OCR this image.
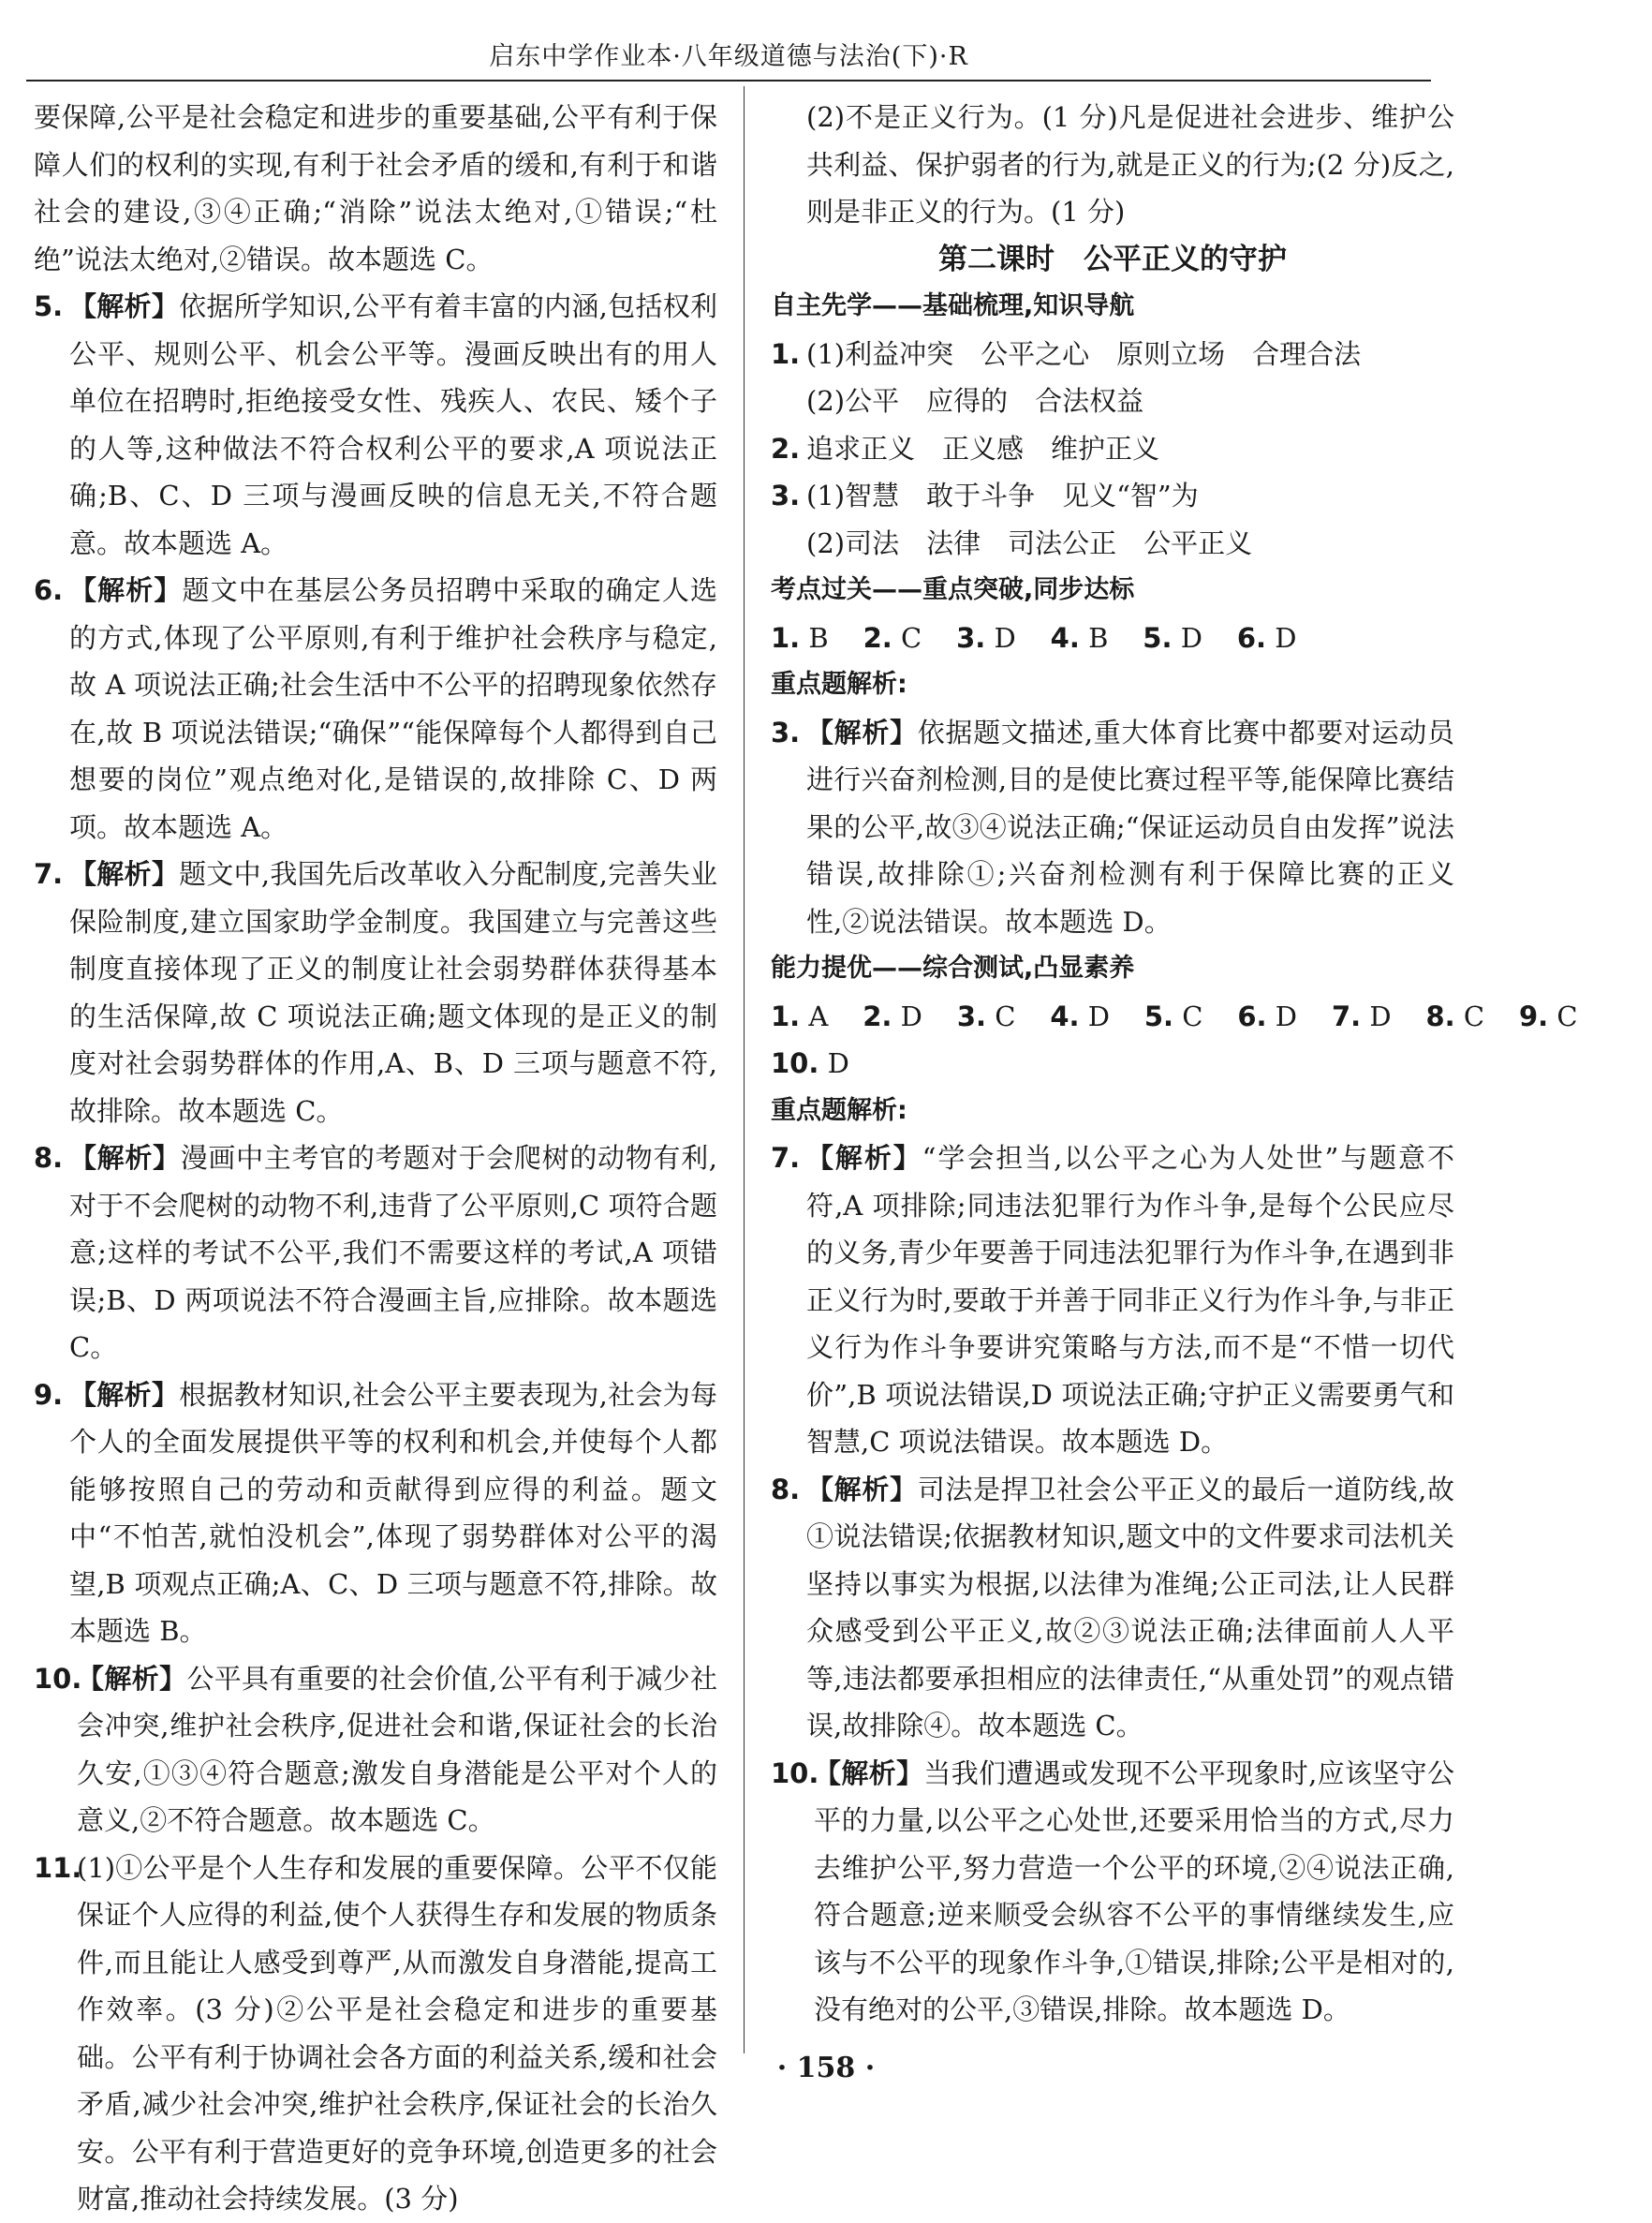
启东中学作业本·八年级道德与法治(下)·R
要保障,公平是社会稳定和进步的重要基础,公平有利于保障人们的权利的实现,有利于社会矛盾的缓和,有利于和谐社会的建设,③④正确;“消除”说法太绝对,①错误;“杜绝”说法太绝对,②错误。故本题选 C。
5. 【解析】依据所学知识,公平有着丰富的内涵,包括权利公平、规则公平、机会公平等。漫画反映出有的用人单位在招聘时,拒绝接受女性、残疾人、农民、矮个子的人等,这种做法不符合权利公平的要求,A 项说法正确;B、C、D 三项与漫画反映的信息无关,不符合题意。故本题选 A。
6. 【解析】题文中在基层公务员招聘中采取的确定人选的方式,体现了公平原则,有利于维护社会秩序与稳定,故 A 项说法正确;社会生活中不公平的招聘现象依然存在,故 B 项说法错误;“确保”“能保障每个人都得到自己想要的岗位”观点绝对化,是错误的,故排除 C、D 两项。故本题选 A。
7. 【解析】题文中,我国先后改革收入分配制度,完善失业保险制度,建立国家助学金制度。我国建立与完善这些制度直接体现了正义的制度让社会弱势群体获得基本的生活保障,故 C 项说法正确;题文体现的是正义的制度对社会弱势群体的作用,A、B、D 三项与题意不符,故排除。故本题选 C。
8. 【解析】漫画中主考官的考题对于会爬树的动物有利,对于不会爬树的动物不利,违背了公平原则,C 项符合题意;这样的考试不公平,我们不需要这样的考试,A 项错误;B、D 两项说法不符合漫画主旨,应排除。故本题选 C。
9. 【解析】根据教材知识,社会公平主要表现为,社会为每个人的全面发展提供平等的权利和机会,并使每个人都能够按照自己的劳动和贡献得到应得的利益。题文中“不怕苦,就怕没机会”,体现了弱势群体对公平的渴望,B 项观点正确;A、C、D 三项与题意不符,排除。故本题选 B。
10.
【解析】公平具有重要的社会价值,公平有利于减少社会冲突,维护社会秩序,促进社会和谐,保证社会的长治久安,①③④符合题意;激发自身潜能是公平对个人的意义,②不符合题意。故本题选 C。
11.
(1)①公平是个人生存和发展的重要保障。公平不仅能保证个人应得的利益,使个人获得生存和发展的物质条件,而且能让人感受到尊严,从而激发自身潜能,提高工作效率。(3 分)②公平是社会稳定和进步的重要基础。公平有利于协调社会各方面的利益关系,缓和社会矛盾,减少社会冲突,维护社会秩序,保证社会的长治久安。公平有利于营造更好的竞争环境,创造更多的社会财富,推动社会持续发展。(3 分)
(2)不是正义行为。(1 分)凡是促进社会进步、维护公共利益、保护弱者的行为,就是正义的行为;(2 分)反之,则是非正义的行为。(1 分)
第二课时　公平正义的守护
自主先学——基础梳理,知识导航
1. (1)利益冲突　公平之心　原则立场　合理合法
(2)公平　应得的　合法权益
2. 追求正义　正义感　维护正义
3. (1)智慧　敢于斗争　见义“智”为
(2)司法　法律　司法公正　公平正义
考点过关——重点突破,同步达标
1. B 2. C 3. D 4. B 5. D 6. D
重点题解析:
3. 【解析】依据题文描述,重大体育比赛中都要对运动员进行兴奋剂检测,目的是使比赛过程平等,能保障比赛结果的公平,故③④说法正确;“保证运动员自由发挥”说法错误,故排除①;兴奋剂检测有利于保障比赛的正义性,②说法错误。故本题选 D。
能力提优——综合测试,凸显素养
1. A 2. D 3. C 4. D 5. C 6. D 7. D 8. C 9. C
10. D
重点题解析:
7. 【解析】“学会担当,以公平之心为人处世”与题意不符,A 项排除;同违法犯罪行为作斗争,是每个公民应尽的义务,青少年要善于同违法犯罪行为作斗争,在遇到非正义行为时,要敢于并善于同非正义行为作斗争,与非正义行为作斗争要讲究策略与方法,而不是“不惜一切代价”,B 项说法错误,D 项说法正确;守护正义需要勇气和智慧,C 项说法错误。故本题选 D。
8. 【解析】司法是捍卫社会公平正义的最后一道防线,故①说法错误;依据教材知识,题文中的文件要求司法机关坚持以事实为根据,以法律为准绳;公正司法,让人民群众感受到公平正义,故②③说法正确;法律面前人人平等,违法都要承担相应的法律责任,“从重处罚”的观点错误,故排除④。故本题选 C。
10.
【解析】当我们遭遇或发现不公平现象时,应该坚守公平的力量,以公平之心处世,还要采用恰当的方式,尽力去维护公平,努力营造一个公平的环境,②④说法正确,符合题意;逆来顺受会纵容不公平的事情继续发生,应该与不公平的现象作斗争,①错误,排除;公平是相对的,没有绝对的公平,③错误,排除。故本题选 D。
· 158 ·
